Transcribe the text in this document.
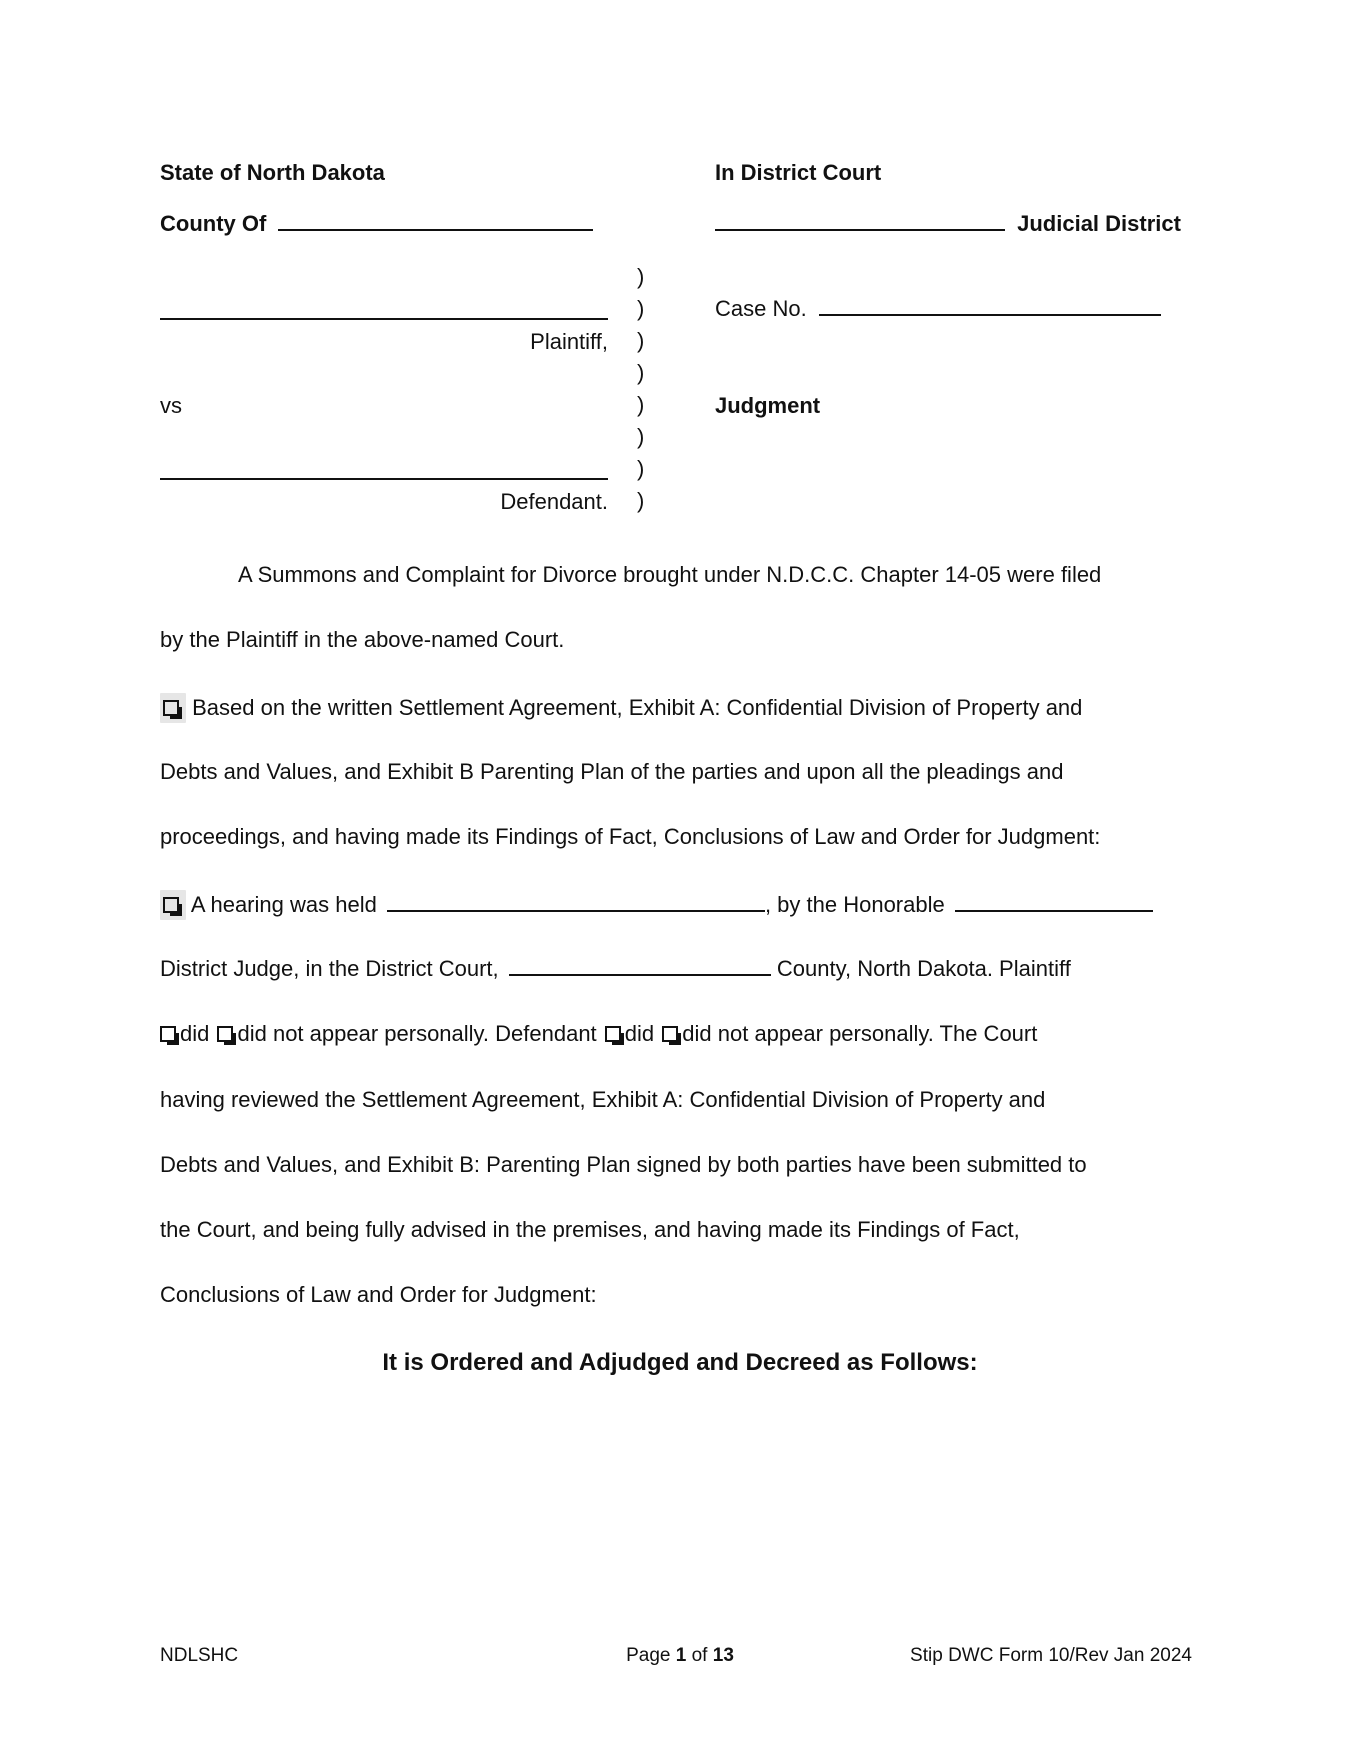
State of North Dakota	In District Court
County Of	Judicial District
)
)
)
)
)
)
)
)
Plaintiff,
vs
Defendant.
Case No.
Judgment
A Summons and Complaint for Divorce brought under N.D.C.C. Chapter 14-05 were filed
by the Plaintiff in the above-named Court.
Based on the written Settlement Agreement, Exhibit A: Confidential Division of Property and
Debts and Values, and Exhibit B Parenting Plan of the parties and upon all the pleadings and
proceedings, and having made its Findings of Fact, Conclusions of Law and Order for Judgment:
A hearing was held	, by the Honorable
District Judge, in the District Court,	County, North Dakota. Plaintiff
did did not appear personally. Defendant did did not appear personally. The Court
having reviewed the Settlement Agreement, Exhibit A: Confidential Division of Property and
Debts and Values, and Exhibit B: Parenting Plan signed by both parties have been submitted to
the Court, and being fully advised in the premises, and having made its Findings of Fact,
Conclusions of Law and Order for Judgment:
It is Ordered and Adjudged and Decreed as Follows:
NDLSHC	Page 1 of 13	Stip DWC Form 10/Rev Jan 2024
